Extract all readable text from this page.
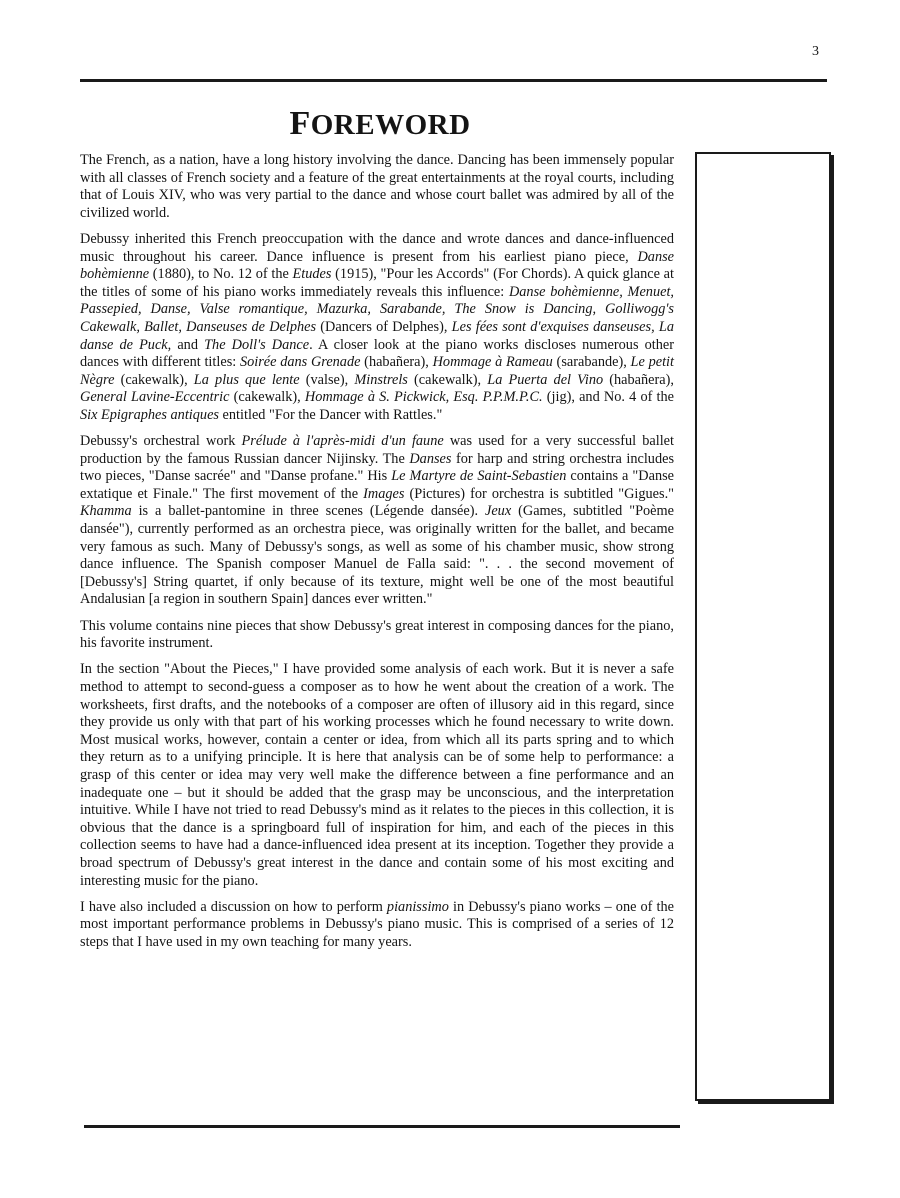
3
FOREWORD

The French, as a nation, have a long history involving the dance. Dancing has been immensely popular with all classes of French society and a feature of the great entertainments at the royal courts, including that of Louis XIV, who was very partial to the dance and whose court ballet was admired by all of the civilized world.

Debussy inherited this French preoccupation with the dance and wrote dances and dance-influenced music throughout his career. Dance influence is present from his earliest piano piece, Danse bohèmienne (1880), to No. 12 of the Etudes (1915), "Pour les Accords" (For Chords). A quick glance at the titles of some of his piano works immediately reveals this influence: Danse bohèmienne, Menuet, Passepied, Danse, Valse romantique, Mazurka, Sarabande, The Snow is Dancing, Golliwogg's Cakewalk, Ballet, Danseuses de Delphes (Dancers of Delphes), Les fées sont d'exquises danseuses, La danse de Puck, and The Doll's Dance. A closer look at the piano works discloses numerous other dances with different titles: Soirée dans Grenade (habañera), Hommage à Rameau (sarabande), Le petit Nègre (cakewalk), La plus que lente (valse), Minstrels (cakewalk), La Puerta del Vino (habañera), General Lavine-Eccentric (cakewalk), Hommage à S. Pickwick, Esq. P.P.M.P.C. (jig), and No. 4 of the Six Epigraphes antiques entitled "For the Dancer with Rattles."

Debussy's orchestral work Prélude à l'après-midi d'un faune was used for a very successful ballet production by the famous Russian dancer Nijinsky. The Danses for harp and string orchestra includes two pieces, "Danse sacrée" and "Danse profane." His Le Martyre de Saint-Sebastien contains a "Danse extatique et Finale." The first movement of the Images (Pictures) for orchestra is subtitled "Gigues." Khamma is a ballet-pantomine in three scenes (Légende dansée). Jeux (Games, subtitled "Poème dansée"), currently performed as an orchestra piece, was originally written for the ballet, and became very famous as such. Many of Debussy's songs, as well as some of his chamber music, show strong dance influence. The Spanish composer Manuel de Falla said: ". . . the second movement of [Debussy's] String quartet, if only because of its texture, might well be one of the most beautiful Andalusian [a region in southern Spain] dances ever written."

This volume contains nine pieces that show Debussy's great interest in composing dances for the piano, his favorite instrument.

In the section "About the Pieces," I have provided some analysis of each work. But it is never a safe method to attempt to second-guess a composer as to how he went about the creation of a work. The worksheets, first drafts, and the notebooks of a composer are often of illusory aid in this regard, since they provide us only with that part of his working processes which he found necessary to write down. Most musical works, however, contain a center or idea, from which all its parts spring and to which they return as to a unifying principle. It is here that analysis can be of some help to performance: a grasp of this center or idea may very well make the difference between a fine performance and an inadequate one – but it should be added that the grasp may be unconscious, and the interpretation intuitive. While I have not tried to read Debussy's mind as it relates to the pieces in this collection, it is obvious that the dance is a springboard full of inspiration for him, and each of the pieces in this collection seems to have had a dance-influenced idea present at its inception. Together they provide a broad spectrum of Debussy's great interest in the dance and contain some of his most exciting and interesting music for the piano.

I have also included a discussion on how to perform pianissimo in Debussy's piano works – one of the most important performance problems in Debussy's piano music. This is comprised of a series of 12 steps that I have used in my own teaching for many years.
